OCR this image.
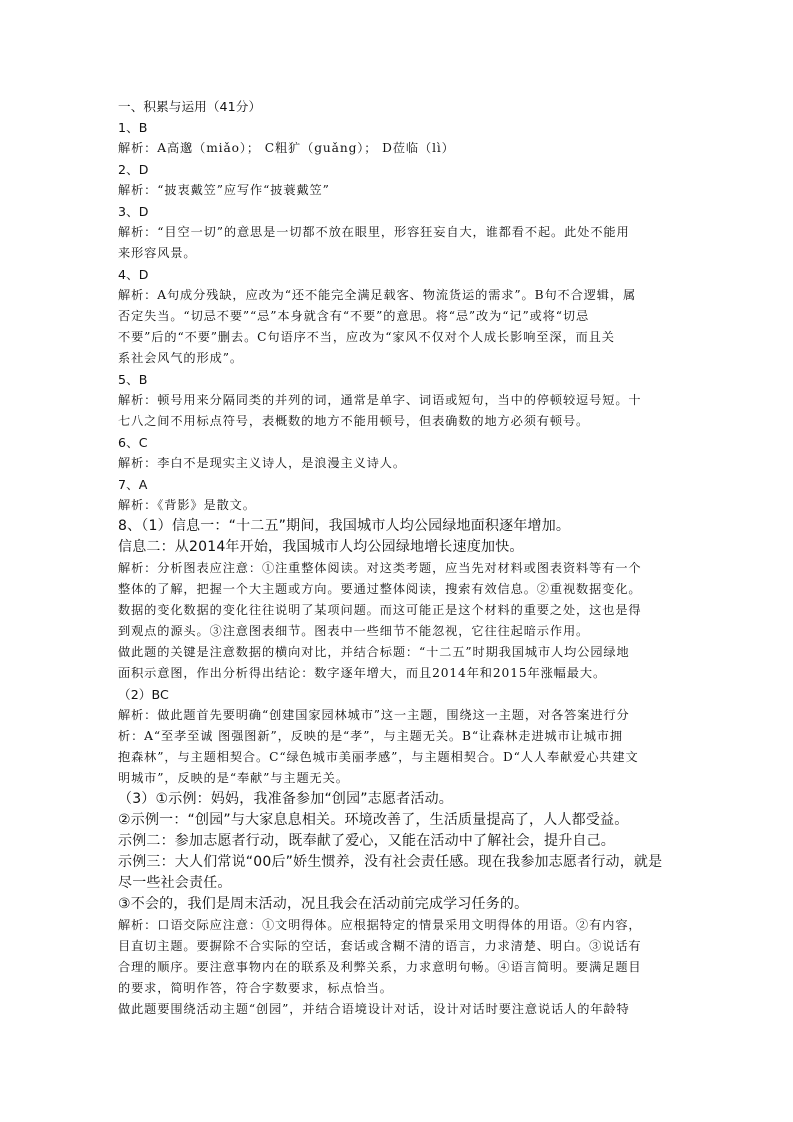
一、积累与运用（41分）

1、B

解析：A高邈（miǎo）； C粗犷（guǎng）； D莅临（lì）

2、D

解析：“披衷戴笠”应写作“披蓑戴笠”

3、D

解析：“目空一切”的意思是一切都不放在眼里，形容狂妄自大，谁都看不起。此处不能用

来形容风景。

4、D

解析：A句成分残缺，应改为“还不能完全满足载客、物流货运的需求”。B句不合逻辑，属

否定失当。“切忌不要”“忌”本身就含有“不要”的意思。将“忌”改为“记”或将“切忌

不要”后的“不要”删去。C句语序不当，应改为“家风不仅对个人成长影响至深，而且关

系社会风气的形成”。

5、B

解析：顿号用来分隔同类的并列的词，通常是单字、词语或短句，当中的停顿较逗号短。十

七八之间不用标点符号，表概数的地方不能用顿号，但表确数的地方必须有顿号。

6、C

解析：李白不是现实主义诗人，是浪漫主义诗人。

7、A

解析：《背影》是散文。

8、（1）信息一：“十二五”期间，我国城市人均公园绿地面积逐年增加。

信息二：从2014年开始，我国城市人均公园绿地增长速度加快。

解析：分析图表应注意：①注重整体阅读。对这类考题，应当先对材料或图表资料等有一个

整体的了解，把握一个大主题或方向。要通过整体阅读，搜索有效信息。②重视数据变化。

数据的变化数据的变化往往说明了某项问题。而这可能正是这个材料的重要之处，这也是得

到观点的源头。③注意图表细节。图表中一些细节不能忽视，它往往起暗示作用。

做此题的关键是注意数据的横向对比，并结合标题：“十二五”时期我国城市人均公园绿地

面积示意图，作出分析得出结论：数字逐年增大，而且2014年和2015年涨幅最大。

（2）BC

解析：做此题首先要明确“创建国家园林城市”这一主题，围绕这一主题，对各答案进行分

析：A“至孝至诚 图强图新”，反映的是“孝”，与主题无关。B“让森林走进城市让城市拥

抱森林”，与主题相契合。C“绿色城市美丽孝感”，与主题相契合。D“人人奉献爱心共建文

明城市”，反映的是“奉献”与主题无关。

（3）①示例：妈妈，我准备参加“创园”志愿者活动。

②示例一：“创园”与大家息息相关。环境改善了，生活质量提高了，人人都受益。

示例二：参加志愿者行动，既奉献了爱心，又能在活动中了解社会，提升自己。

示例三：大人们常说“00后”娇生惯养，没有社会责任感。现在我参加志愿者行动，就是

尽一些社会责任。

③不会的，我们是周末活动，况且我会在活动前完成学习任务的。

解析：口语交际应注意：①文明得体。应根据特定的情景采用文明得体的用语。②有内容，

目直切主题。要摒除不合实际的空话，套话或含糊不清的语言，力求清楚、明白。③说话有

合理的顺序。要注意事物内在的联系及利弊关系，力求意明句畅。④语言简明。要满足题目

的要求，简明作答，符合字数要求，标点恰当。

做此题要围绕活动主题“创园”，并结合语境设计对话，设计对话时要注意说话人的年龄特
